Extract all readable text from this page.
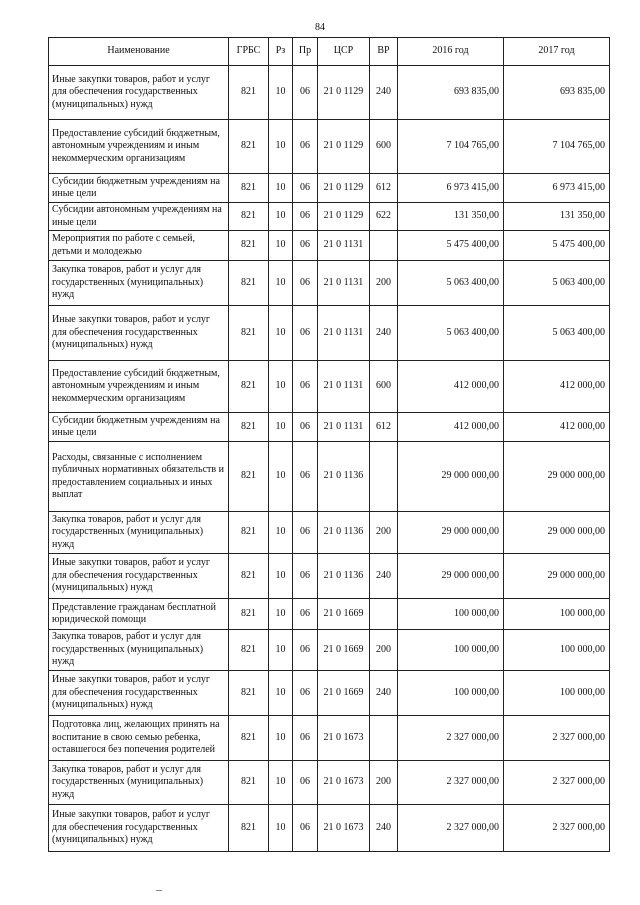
84
Наименование	ГРБС	Рз	Пр	ЦСР	ВР	2016 год	2017 год
Иные закупки товаров, работ и услуг для обеспечения государственных (муниципальных) нужд	821	10	06	21 0 1129	240	693 835,00	693 835,00
Предоставление субсидий бюджетным, автономным учреждениям и иным некоммерческим организациям	821	10	06	21 0 1129	600	7 104 765,00	7 104 765,00
Субсидии бюджетным учреждениям на иные цели	821	10	06	21 0 1129	612	6 973 415,00	6 973 415,00
Субсидии автономным учреждениям на иные цели	821	10	06	21 0 1129	622	131 350,00	131 350,00
Мероприятия по работе с семьей, детьми и молодежью	821	10	06	21 0 1131		5 475 400,00	5 475 400,00
Закупка товаров, работ и услуг для государственных (муниципальных) нужд	821	10	06	21 0 1131	200	5 063 400,00	5 063 400,00
Иные закупки товаров, работ и услуг для обеспечения государственных (муниципальных) нужд	821	10	06	21 0 1131	240	5 063 400,00	5 063 400,00
Предоставление субсидий бюджетным, автономным учреждениям и иным некоммерческим организациям	821	10	06	21 0 1131	600	412 000,00	412 000,00
Субсидии бюджетным учреждениям на иные цели	821	10	06	21 0 1131	612	412 000,00	412 000,00
Расходы, связанные с исполнением публичных нормативных обязательств и предоставлением социальных и иных выплат	821	10	06	21 0 1136		29 000 000,00	29 000 000,00
Закупка товаров, работ и услуг для государственных (муниципальных) нужд	821	10	06	21 0 1136	200	29 000 000,00	29 000 000,00
Иные закупки товаров, работ и услуг для обеспечения государственных (муниципальных) нужд	821	10	06	21 0 1136	240	29 000 000,00	29 000 000,00
Представление гражданам бесплатной юридической помощи	821	10	06	21 0 1669		100 000,00	100 000,00
Закупка товаров, работ и услуг для государственных (муниципальных) нужд	821	10	06	21 0 1669	200	100 000,00	100 000,00
Иные закупки товаров, работ и услуг для обеспечения государственных (муниципальных) нужд	821	10	06	21 0 1669	240	100 000,00	100 000,00
Подготовка лиц, желающих принять на воспитание в свою семью ребенка, оставшегося без попечения родителей	821	10	06	21 0 1673		2 327 000,00	2 327 000,00
Закупка товаров, работ и услуг для государственных (муниципальных) нужд	821	10	06	21 0 1673	200	2 327 000,00	2 327 000,00
Иные закупки товаров, работ и услуг для обеспечения государственных (муниципальных) нужд	821	10	06	21 0 1673	240	2 327 000,00	2 327 000,00
